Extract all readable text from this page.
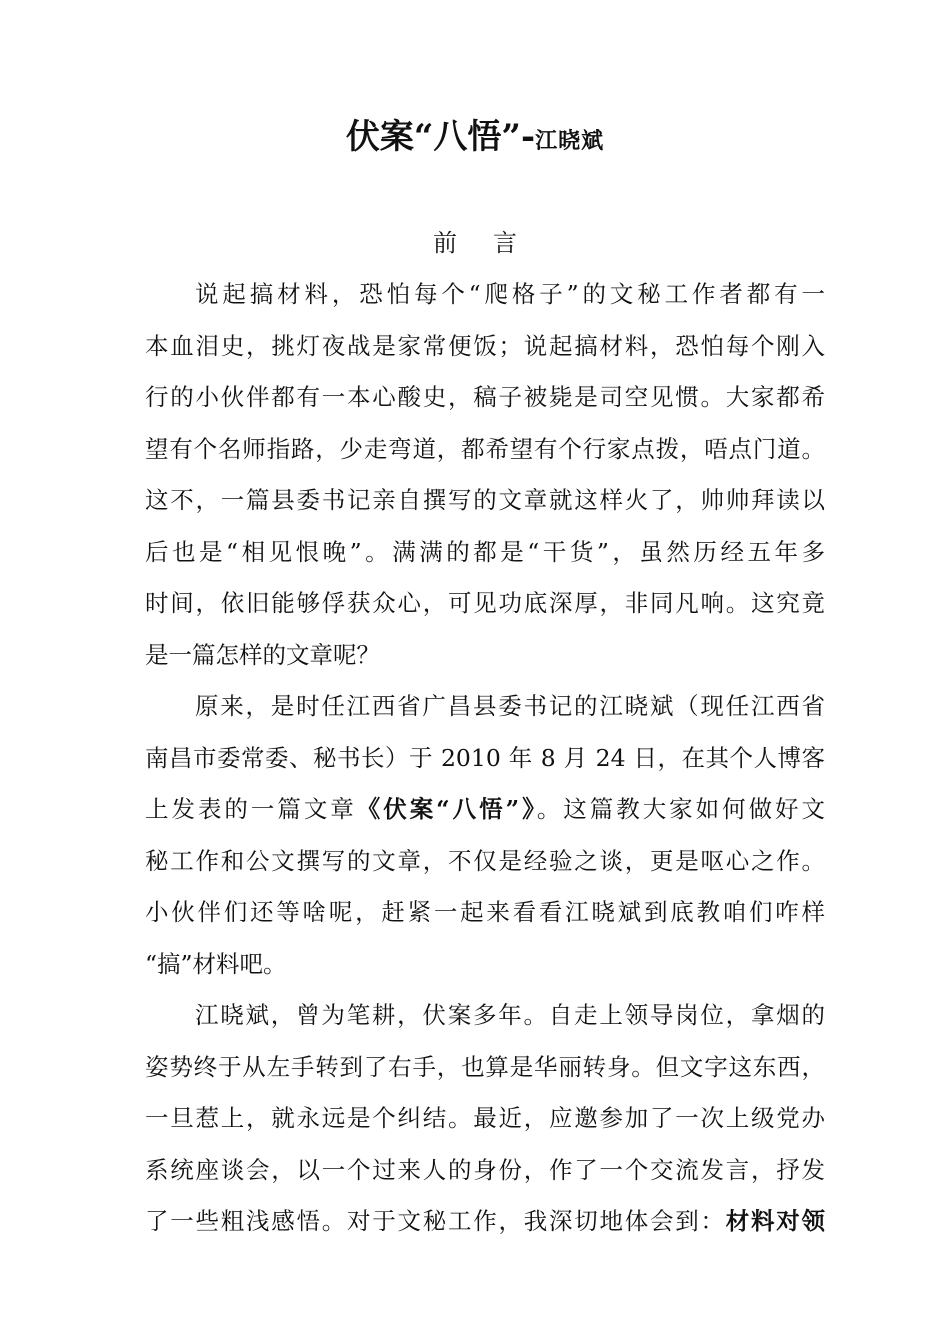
伏案“八悟”-江晓斌
前 言
说起搞材料，恐怕每个“爬格子”的文秘工作者都有一
本血泪史，挑灯夜战是家常便饭；说起搞材料，恐怕每个刚入
行的小伙伴都有一本心酸史，稿子被毙是司空见惯。大家都希
望有个名师指路，少走弯道，都希望有个行家点拨，唔点门道。
这不，一篇县委书记亲自撰写的文章就这样火了，帅帅拜读以
后也是“相见恨晚”。满满的都是“干货”，虽然历经五年多
时间，依旧能够俘获众心，可见功底深厚，非同凡响。这究竟
是一篇怎样的文章呢？
原来，是时任江西省广昌县委书记的江晓斌（现任江西省
南昌市委常委、秘书长）于 2010 年 8 月 24 日，在其个人博客
上发表的一篇文章《伏案“八悟”》。这篇教大家如何做好文
秘工作和公文撰写的文章，不仅是经验之谈，更是呕心之作。
小伙伴们还等啥呢，赶紧一起来看看江晓斌到底教咱们咋样
“搞”材料吧。
江晓斌，曾为笔耕，伏案多年。自走上领导岗位，拿烟的
姿势终于从左手转到了右手，也算是华丽转身。但文字这东西，
一旦惹上，就永远是个纠结。最近，应邀参加了一次上级党办
系统座谈会，以一个过来人的身份，作了一个交流发言，抒发
了一些粗浅感悟。对于文秘工作，我深切地体会到：材料对领
